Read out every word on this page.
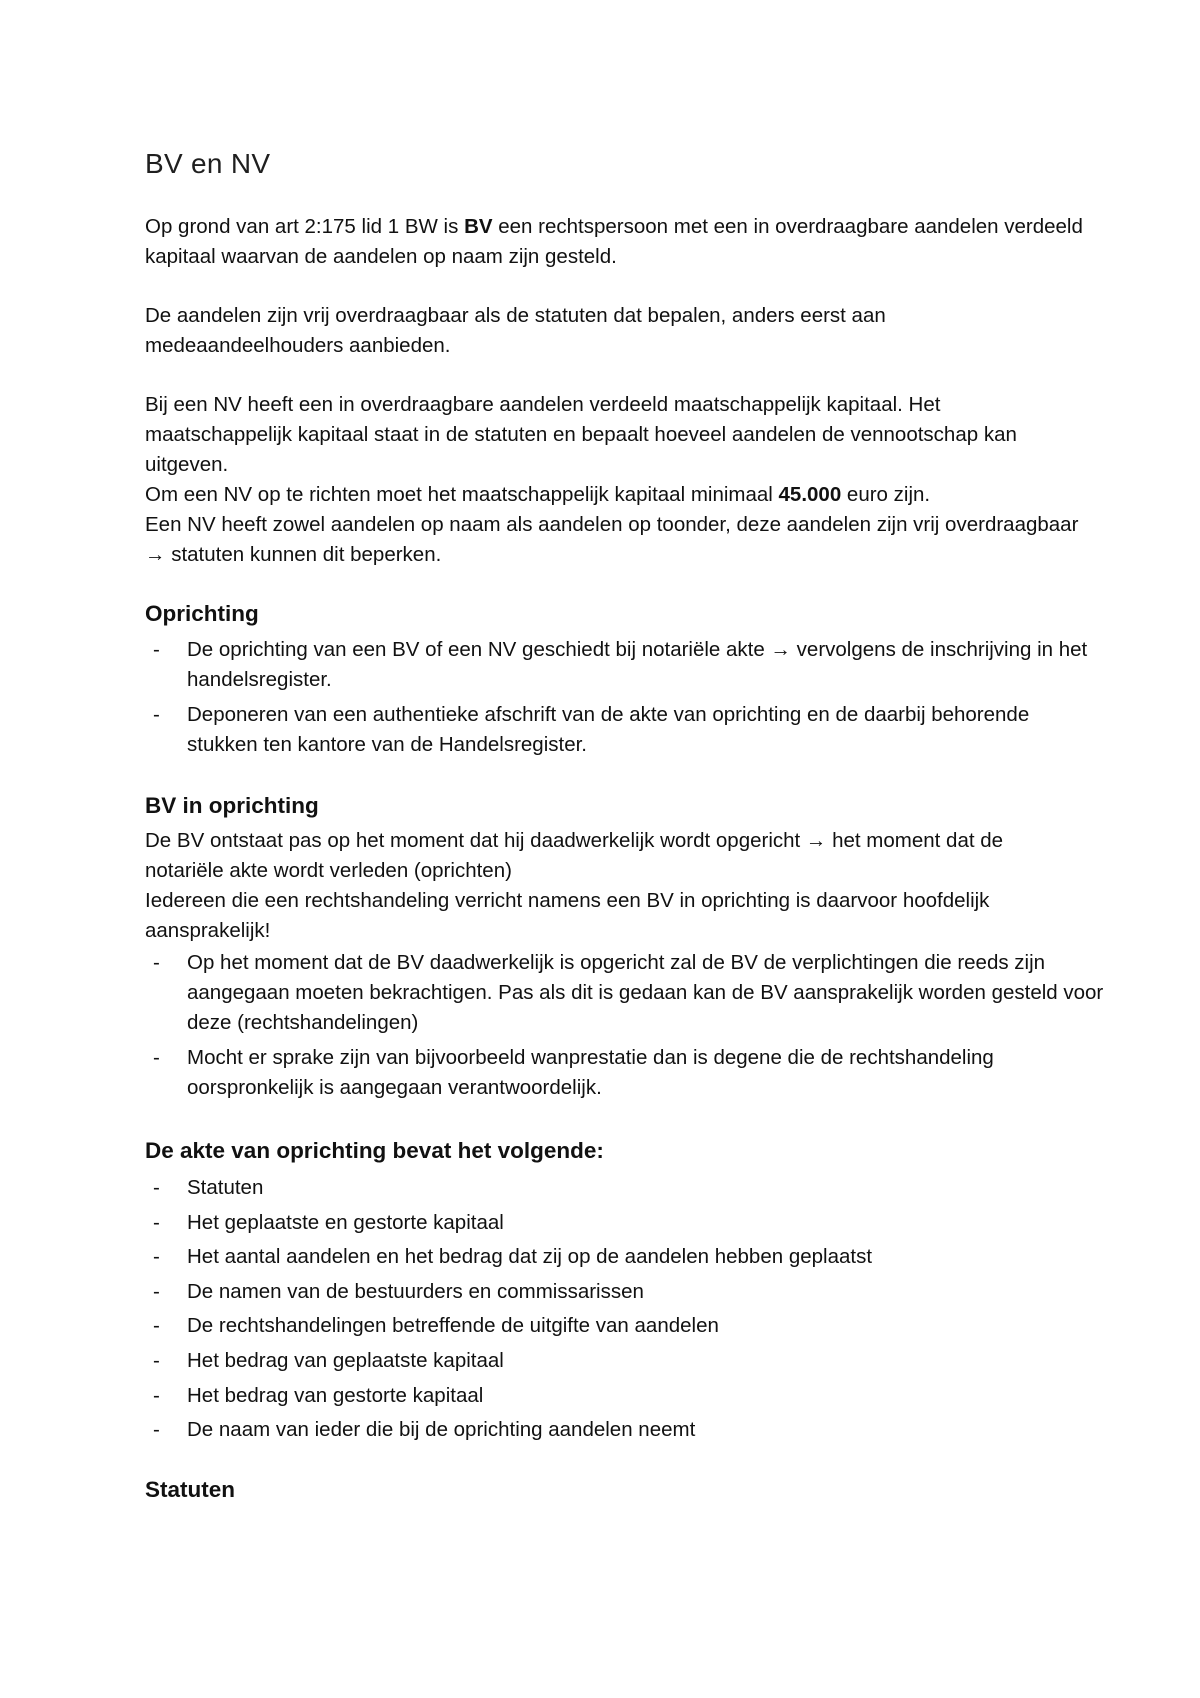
BV en NV

Op grond van art 2:175 lid 1 BW is BV een rechtspersoon met een in overdraagbare aandelen verdeeld kapitaal waarvan de aandelen op naam zijn gesteld.

De aandelen zijn vrij overdraagbaar als de statuten dat bepalen, anders eerst aan medeaandeelhouders aanbieden.

Bij een NV heeft een in overdraagbare aandelen verdeeld maatschappelijk kapitaal. Het maatschappelijk kapitaal staat in de statuten en bepaalt hoeveel aandelen de vennootschap kan uitgeven.
Om een NV op te richten moet het maatschappelijk kapitaal minimaal 45.000 euro zijn.
Een NV heeft zowel aandelen op naam als aandelen op toonder, deze aandelen zijn vrij overdraagbaar → statuten kunnen dit beperken.

Oprichting
- De oprichting van een BV of een NV geschiedt bij notariële akte → vervolgens de inschrijving in het handelsregister.
- Deponeren van een authentieke afschrift van de akte van oprichting en de daarbij behorende stukken ten kantore van de Handelsregister.
BV in oprichting

De BV ontstaat pas op het moment dat hij daadwerkelijk wordt opgericht → het moment dat de notariële akte wordt verleden (oprichten)
Iedereen die een rechtshandeling verricht namens een BV in oprichting is daarvoor hoofdelijk aansprakelijk!

- Op het moment dat de BV daadwerkelijk is opgericht zal de BV de verplichtingen die reeds zijn aangegaan moeten bekrachtigen. Pas als dit is gedaan kan de BV aansprakelijk worden gesteld voor deze (rechtshandelingen)
- Mocht er sprake zijn van bijvoorbeeld wanprestatie dan is degene die de rechtshandeling oorspronkelijk is aangegaan verantwoordelijk.
De akte van oprichting bevat het volgende:
- Statuten
- Het geplaatste en gestorte kapitaal
- Het aantal aandelen en het bedrag dat zij op de aandelen hebben geplaatst
- De namen van de bestuurders en commissarissen
- De rechtshandelingen betreffende de uitgifte van aandelen
- Het bedrag van geplaatste kapitaal
- Het bedrag van gestorte kapitaal
- De naam van ieder die bij de oprichting aandelen neemt
Statuten
